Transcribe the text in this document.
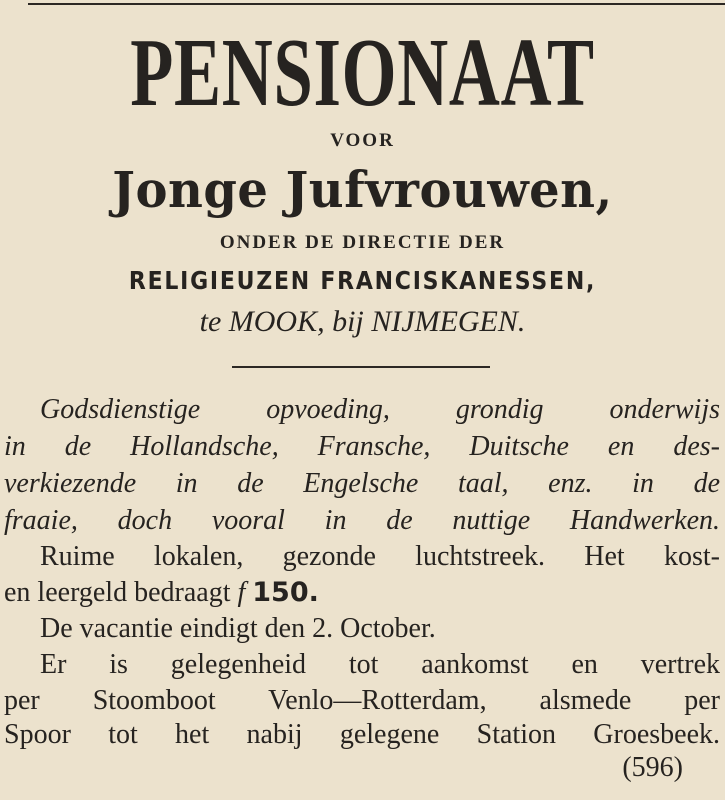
PENSIONAAT
VOOR
Jonge Jufvrouwen,
ONDER DE DIRECTIE DER
RELIGIEUZEN FRANCISKANESSEN,
te MOOK, bij NIJMEGEN.
Godsdienstige opvoeding, grondig onderwijs
in de Hollandsche, Fransche, Duitsche en des-
verkiezende in de Engelsche taal, enz. in de
fraaie, doch vooral in de nuttige Handwerken.
Ruime lokalen, gezonde luchtstreek. Het kost-
en leergeld bedraagt f 150.
De vacantie eindigt den 2. October.
Er is gelegenheid tot aankomst en vertrek
per Stoomboot Venlo—Rotterdam, alsmede per
Spoor tot het nabij gelegene Station Groesbeek.
(596)
